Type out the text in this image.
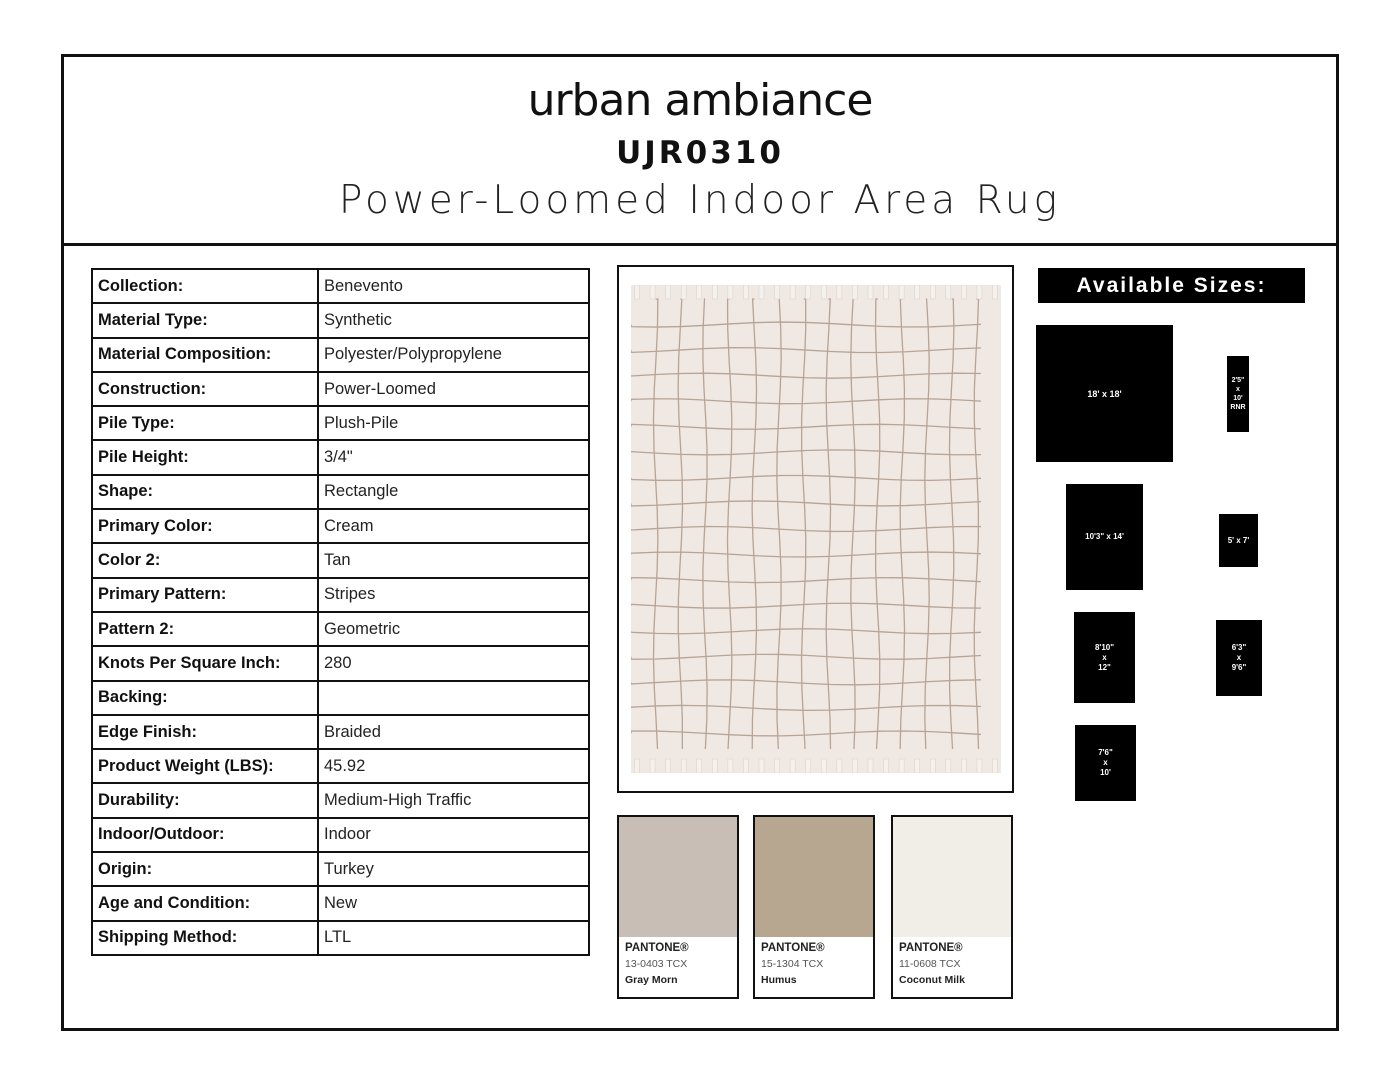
urban ambiance
UJR0310
Power-Loomed Indoor Area Rug
Collection:	Benevento
Material Type:	Synthetic
Material Composition:	Polyester/Polypropylene
Construction:	Power-Loomed
Pile Type:	Plush-Pile
Pile Height:	3/4"
Shape:	Rectangle
Primary Color:	Cream
Color 2:	Tan
Primary Pattern:	Stripes
Pattern 2:	Geometric
Knots Per Square Inch:	280
Backing:	
Edge Finish:	Braided
Product Weight (LBS):	45.92
Durability:	Medium-High Traffic
Indoor/Outdoor:	Indoor
Origin:	Turkey
Age and Condition:	New
Shipping Method:	LTL
PANTONE®
13-0403 TCX
Gray Morn
PANTONE®
15-1304 TCX
Humus
PANTONE®
11-0608 TCX
Coconut Milk
Available Sizes:
18' x 18'
2'5"
x
10'
RNR
10'3" x 14'	5' x 7'
8'10"
x
12"
6'3"
x
9'6"
7'6"
x
10'
